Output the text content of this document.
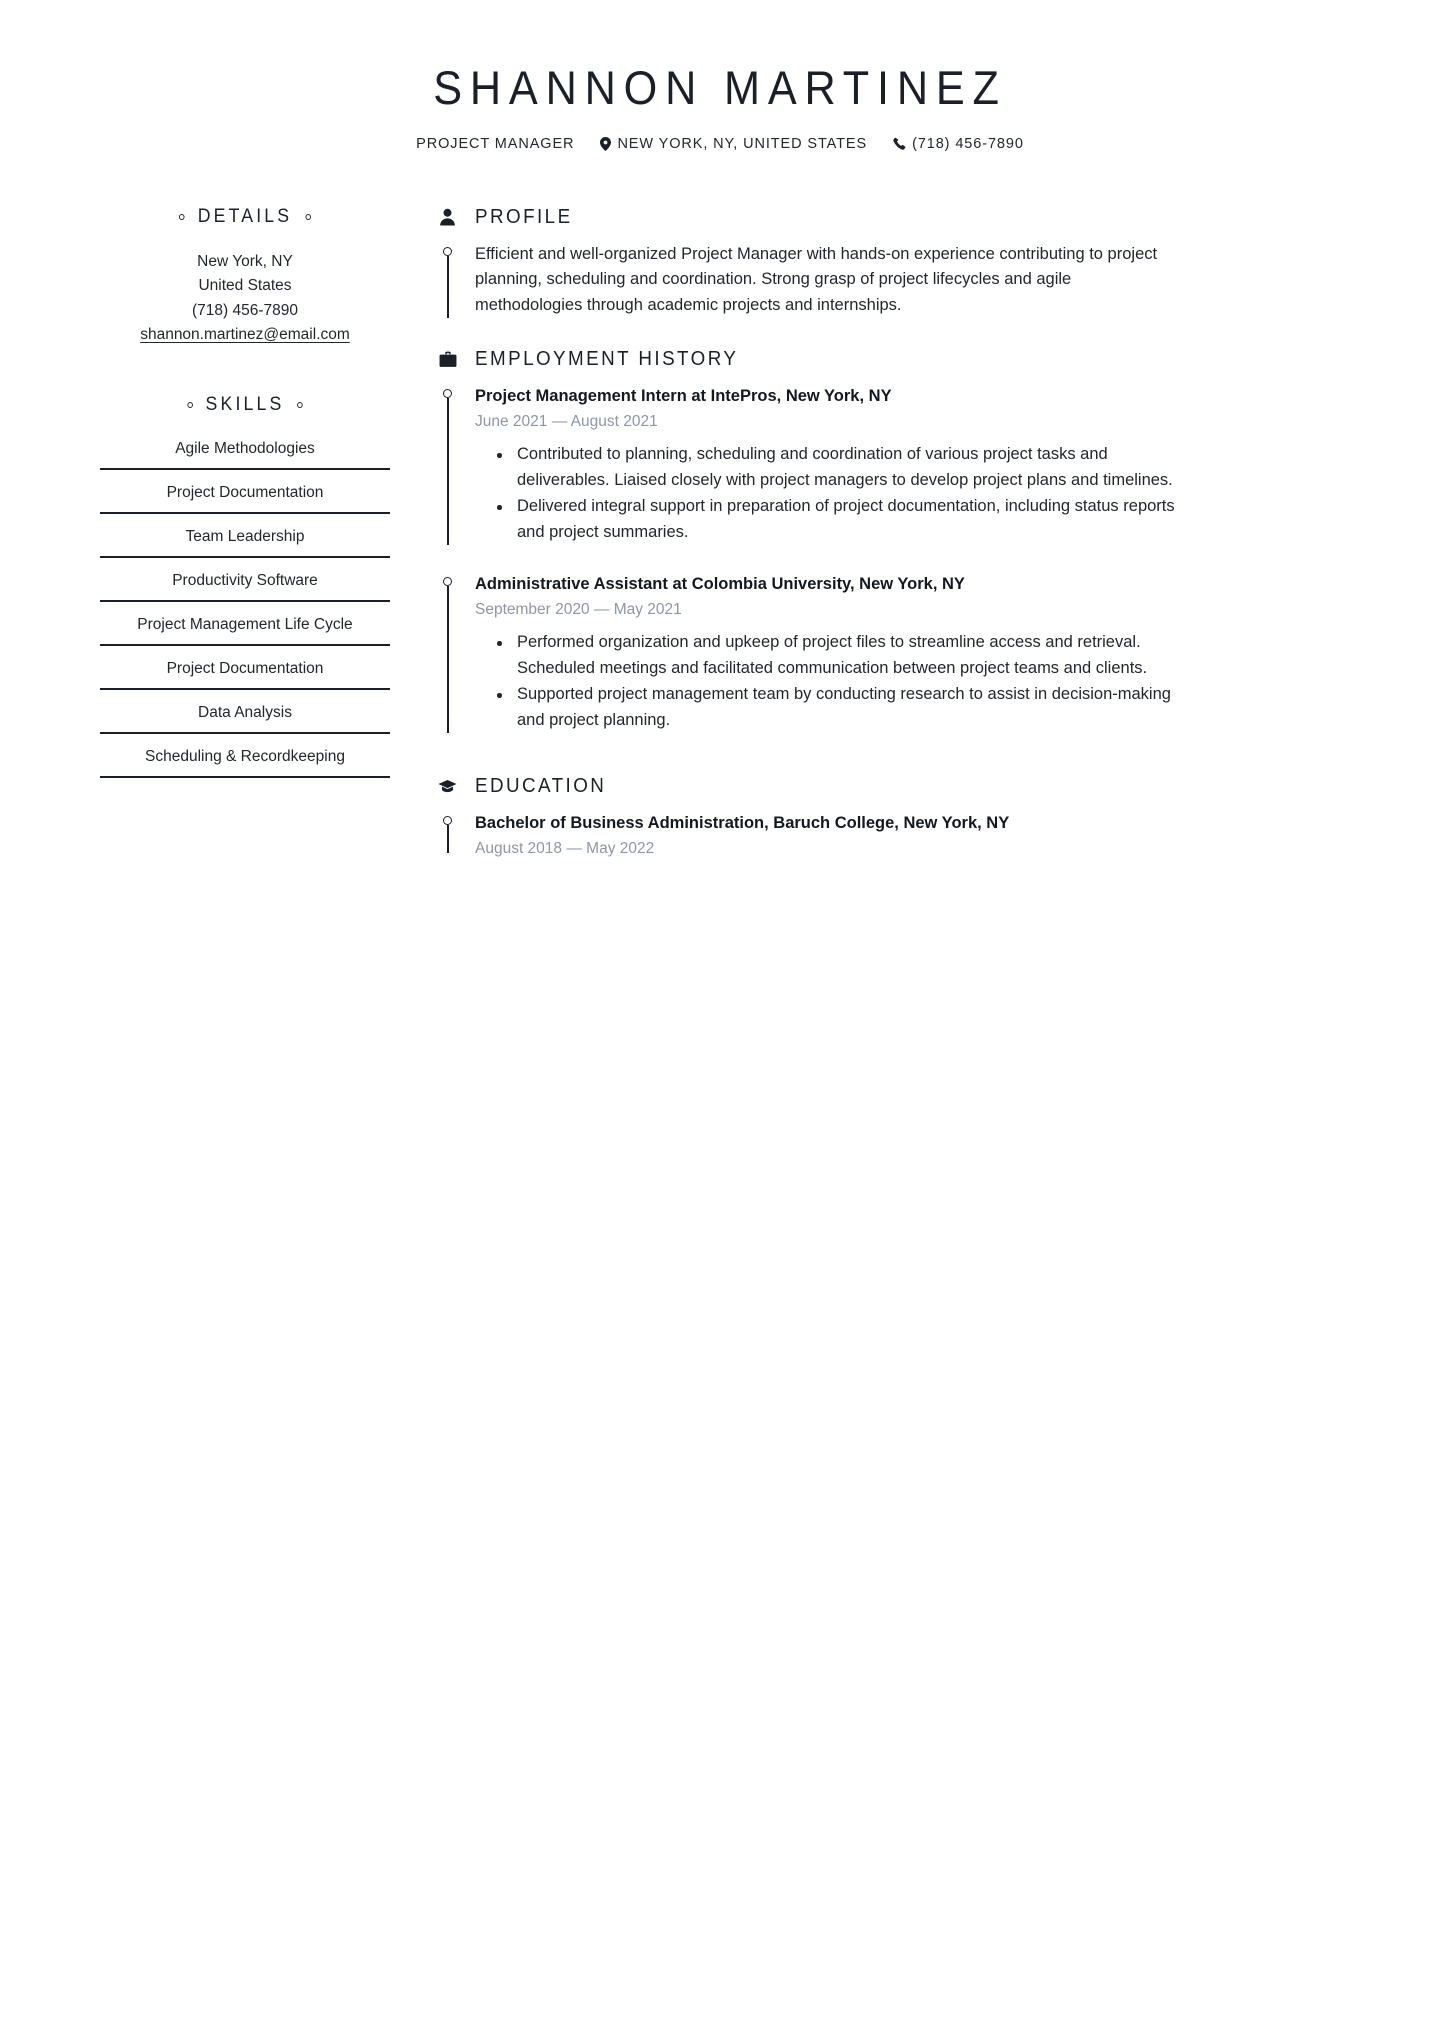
SHANNON MARTINEZ
PROJECT MANAGER	NEW YORK, NY, UNITED STATES	(718) 456-7890
DETAILS
New York, NY
United States
(718) 456-7890
shannon.martinez@email.com
SKILLS
Agile Methodologies
Project Documentation
Team Leadership
Productivity Software
Project Management Life Cycle
Project Documentation
Data Analysis
Scheduling & Recordkeeping
PROFILE
Efficient and well-organized Project Manager with hands-on experience contributing to project planning, scheduling and coordination. Strong grasp of project lifecycles and agile methodologies through academic projects and internships.
EMPLOYMENT HISTORY
Project Management Intern at IntePros, New York, NY
June 2021 — August 2021
Contributed to planning, scheduling and coordination of various project tasks and deliverables. Liaised closely with project managers to develop project plans and timelines.
Delivered integral support in preparation of project documentation, including status reports and project summaries.
Administrative Assistant at Colombia University, New York, NY
September 2020 — May 2021
Performed organization and upkeep of project files to streamline access and retrieval. Scheduled meetings and facilitated communication between project teams and clients.
Supported project management team by conducting research to assist in decision-making and project planning.
EDUCATION
Bachelor of Business Administration, Baruch College, New York, NY
August 2018 — May 2022
